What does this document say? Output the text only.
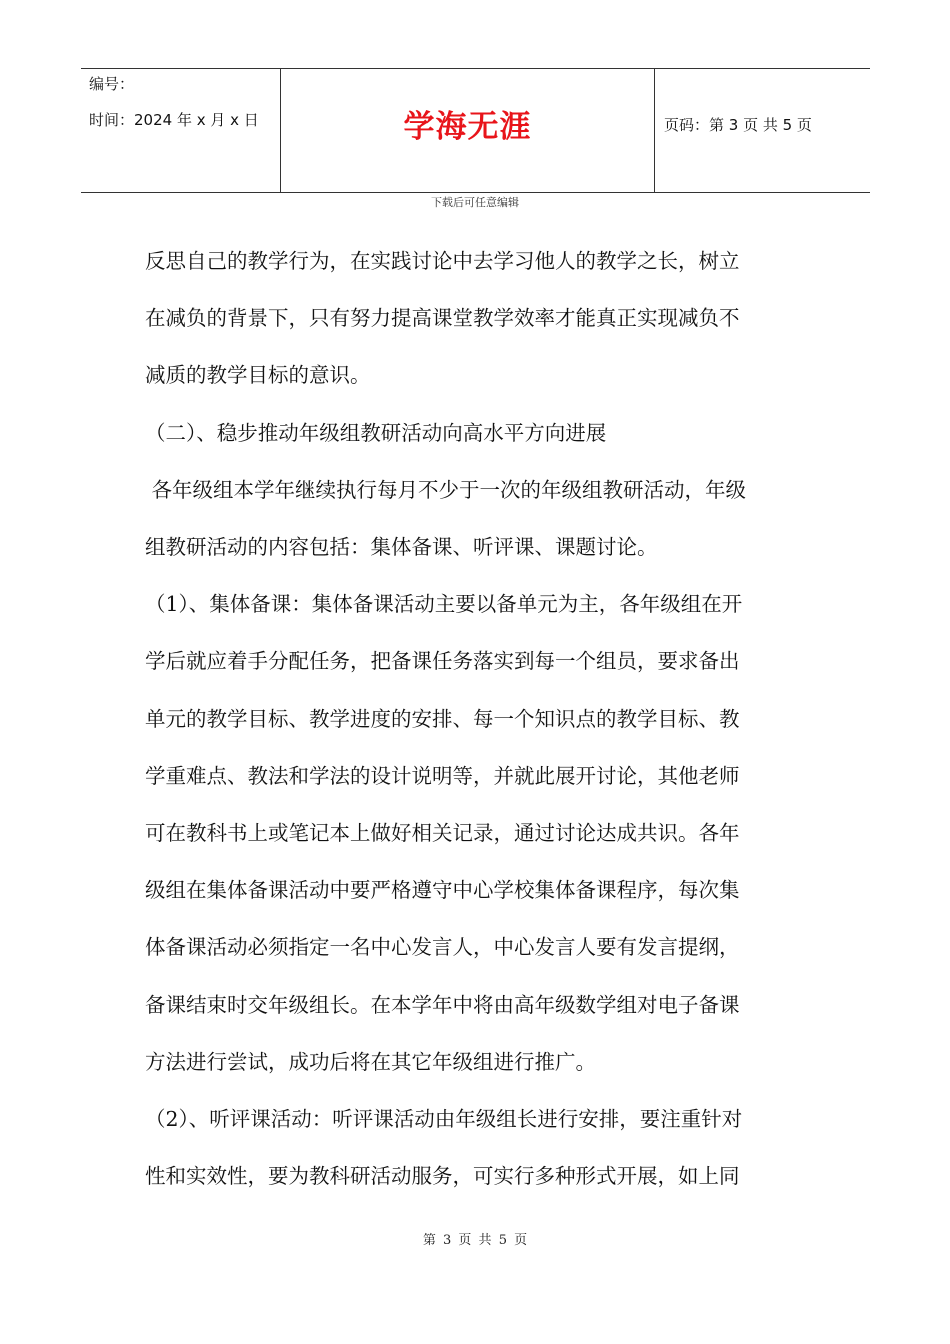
编号：
时间：2024 年 x 月 x 日	学海无涯	页码：第 3 页 共 5 页
下载后可任意编辑

反思自己的教学行为，在实践讨论中去学习他人的教学之长，树立

在减负的背景下，只有努力提高课堂教学效率才能真正实现减负不

减质的教学目标的意识。

（二）、稳步推动年级组教研活动向高水平方向进展

各年级组本学年继续执行每月不少于一次的年级组教研活动，年级

组教研活动的内容包括：集体备课、听评课、课题讨论。

（1）、集体备课：集体备课活动主要以备单元为主，各年级组在开

学后就应着手分配任务，把备课任务落实到每一个组员，要求备出

单元的教学目标、教学进度的安排、每一个知识点的教学目标、教

学重难点、教法和学法的设计说明等，并就此展开讨论，其他老师

可在教科书上或笔记本上做好相关记录，通过讨论达成共识。各年

级组在集体备课活动中要严格遵守中心学校集体备课程序，每次集

体备课活动必须指定一名中心发言人，中心发言人要有发言提纲，

备课结束时交年级组长。在本学年中将由高年级数学组对电子备课

方法进行尝试，成功后将在其它年级组进行推广。

（2）、听评课活动：听评课活动由年级组长进行安排，要注重针对

性和实效性，要为教科研活动服务，可实行多种形式开展，如上同

第 3 页 共 5 页
